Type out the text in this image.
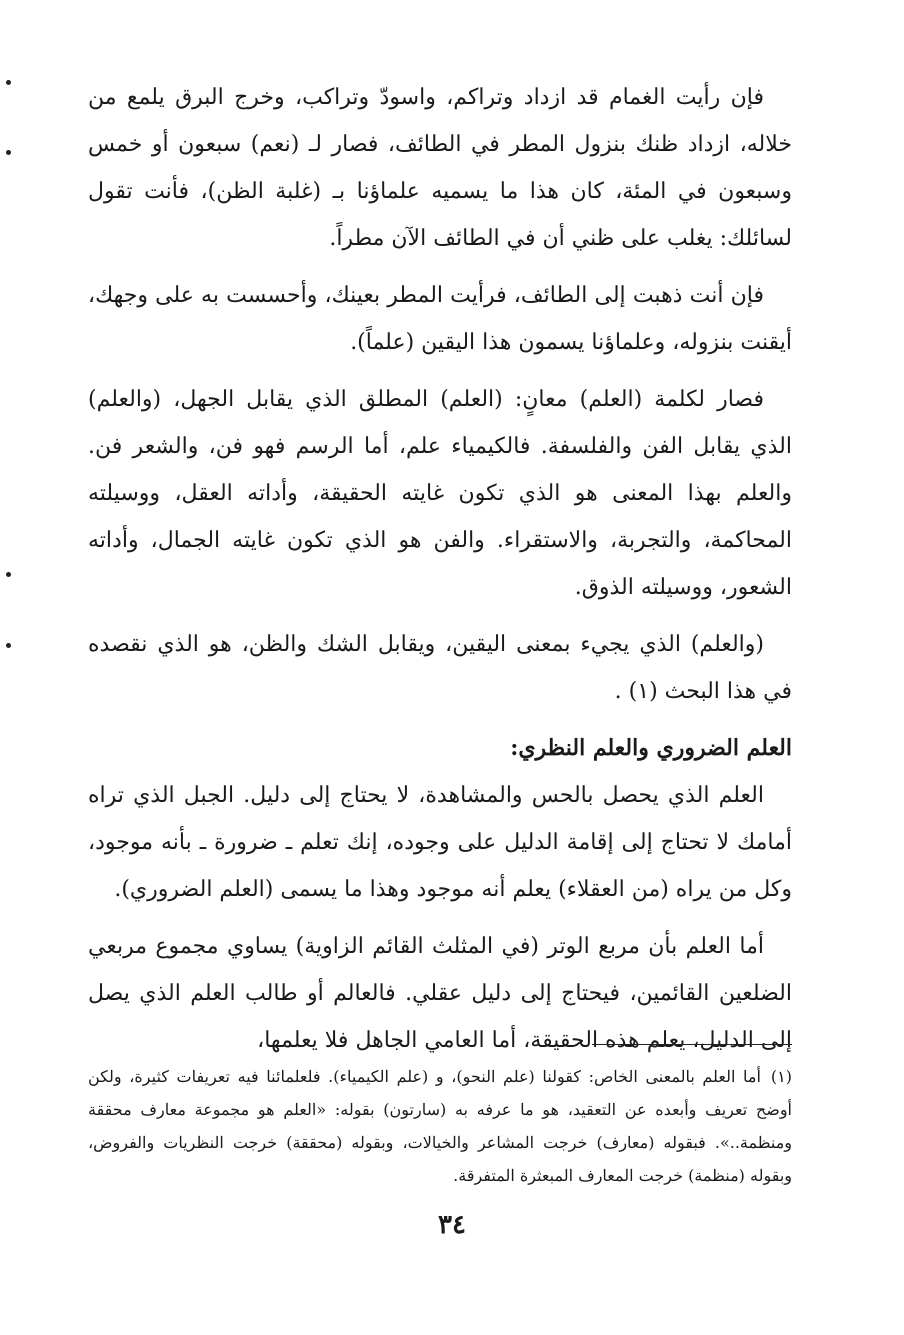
فإن رأيت الغمام قد ازداد وتراكم، واسودّ وتراكب، وخرج البرق يلمع من خلاله، ازداد ظنك بنزول المطر في الطائف، فصار لـ (نعم) سبعون أو خمس وسبعون في المئة، كان هذا ما يسميه علماؤنا بـ (غلبة الظن)، فأنت تقول لسائلك: يغلب على ظني أن في الطائف الآن مطراً.

فإن أنت ذهبت إلى الطائف، فرأيت المطر بعينك، وأحسست به على وجهك، أيقنت بنزوله، وعلماؤنا يسمون هذا اليقين (علماً).

فصار لكلمة (العلم) معانٍ: (العلم) المطلق الذي يقابل الجهل، (والعلم) الذي يقابل الفن والفلسفة. فالكيمياء علم، أما الرسم فهو فن، والشعر فن. والعلم بهذا المعنى هو الذي تكون غايته الحقيقة، وأداته العقل، ووسيلته المحاكمة، والتجربة، والاستقراء. والفن هو الذي تكون غايته الجمال، وأداته الشعور، ووسيلته الذوق.

(والعلم) الذي يجيء بمعنى اليقين، ويقابل الشك والظن، هو الذي نقصده في هذا البحث (١) .

العلم الضروري والعلم النظري:

العلم الذي يحصل بالحس والمشاهدة، لا يحتاج إلى دليل. الجبل الذي تراه أمامك لا تحتاج إلى إقامة الدليل على وجوده، إنك تعلم ـ ضرورة ـ بأنه موجود، وكل من يراه (من العقلاء) يعلم أنه موجود وهذا ما يسمى (العلم الضروري).

أما العلم بأن مربع الوتر (في المثلث القائم الزاوية) يساوي مجموع مربعي الضلعين القائمين، فيحتاج إلى دليل عقلي. فالعالم أو طالب العلم الذي يصل إلى الدليل، يعلم هذه الحقيقة، أما العامي الجاهل فلا يعلمها،

(١)أما العلم بالمعنى الخاص: كقولنا (علم النحو)، و (علم الكيمياء). فلعلمائنا فيه تعريفات كثيرة، ولكن أوضح تعريف وأبعده عن التعقيد، هو ما عرفه به (سارتون) بقوله: «العلم هو مجموعة معارف محققة ومنظمة..». فبقوله (معارف) خرجت المشاعر والخيالات، وبقوله (محققة) خرجت النظريات والفروض، وبقوله (منظمة) خرجت المعارف المبعثرة المتفرقة.

٣٤
